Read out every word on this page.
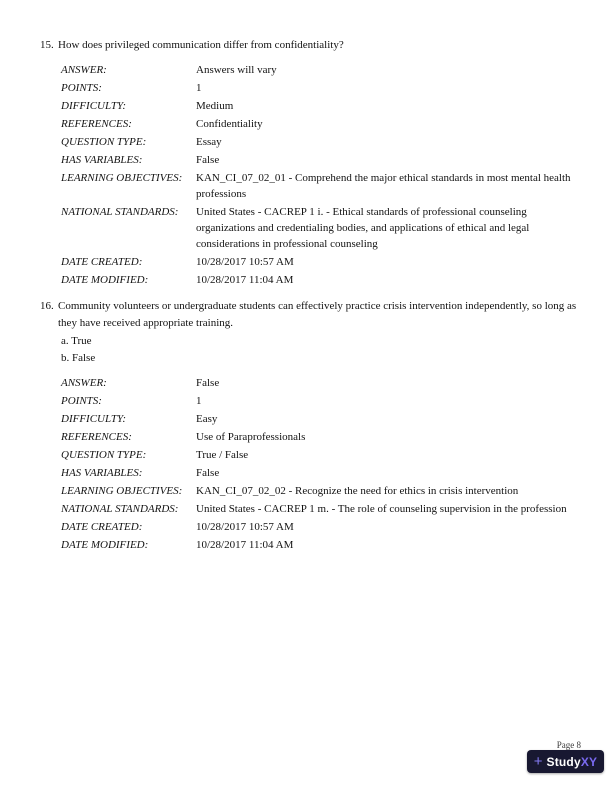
15. How does privileged communication differ from confidentiality?
ANSWER:	Answers will vary
POINTS:	1
DIFFICULTY:	Medium
REFERENCES:	Confidentiality
QUESTION TYPE:	Essay
HAS VARIABLES:	False
LEARNING OBJECTIVES:	KAN_CI_07_02_01 - Comprehend the major ethical standards in most mental health professions
NATIONAL STANDARDS:	United States - CACREP 1 i. - Ethical standards of professional counseling organizations and credentialing bodies, and applications of ethical and legal considerations in professional counseling
DATE CREATED:	10/28/2017 10:57 AM
DATE MODIFIED:	10/28/2017 11:04 AM
16. Community volunteers or undergraduate students can effectively practice crisis intervention independently, so long as they have received appropriate training.
a. True
b. False
ANSWER:	False
POINTS:	1
DIFFICULTY:	Easy
REFERENCES:	Use of Paraprofessionals
QUESTION TYPE:	True / False
HAS VARIABLES:	False
LEARNING OBJECTIVES:	KAN_CI_07_02_02 - Recognize the need for ethics in crisis intervention
NATIONAL STANDARDS:	United States - CACREP 1 m. - The role of counseling supervision in the profession
DATE CREATED:	10/28/2017 10:57 AM
DATE MODIFIED:	10/28/2017 11:04 AM
Page 8
+ Study XY
